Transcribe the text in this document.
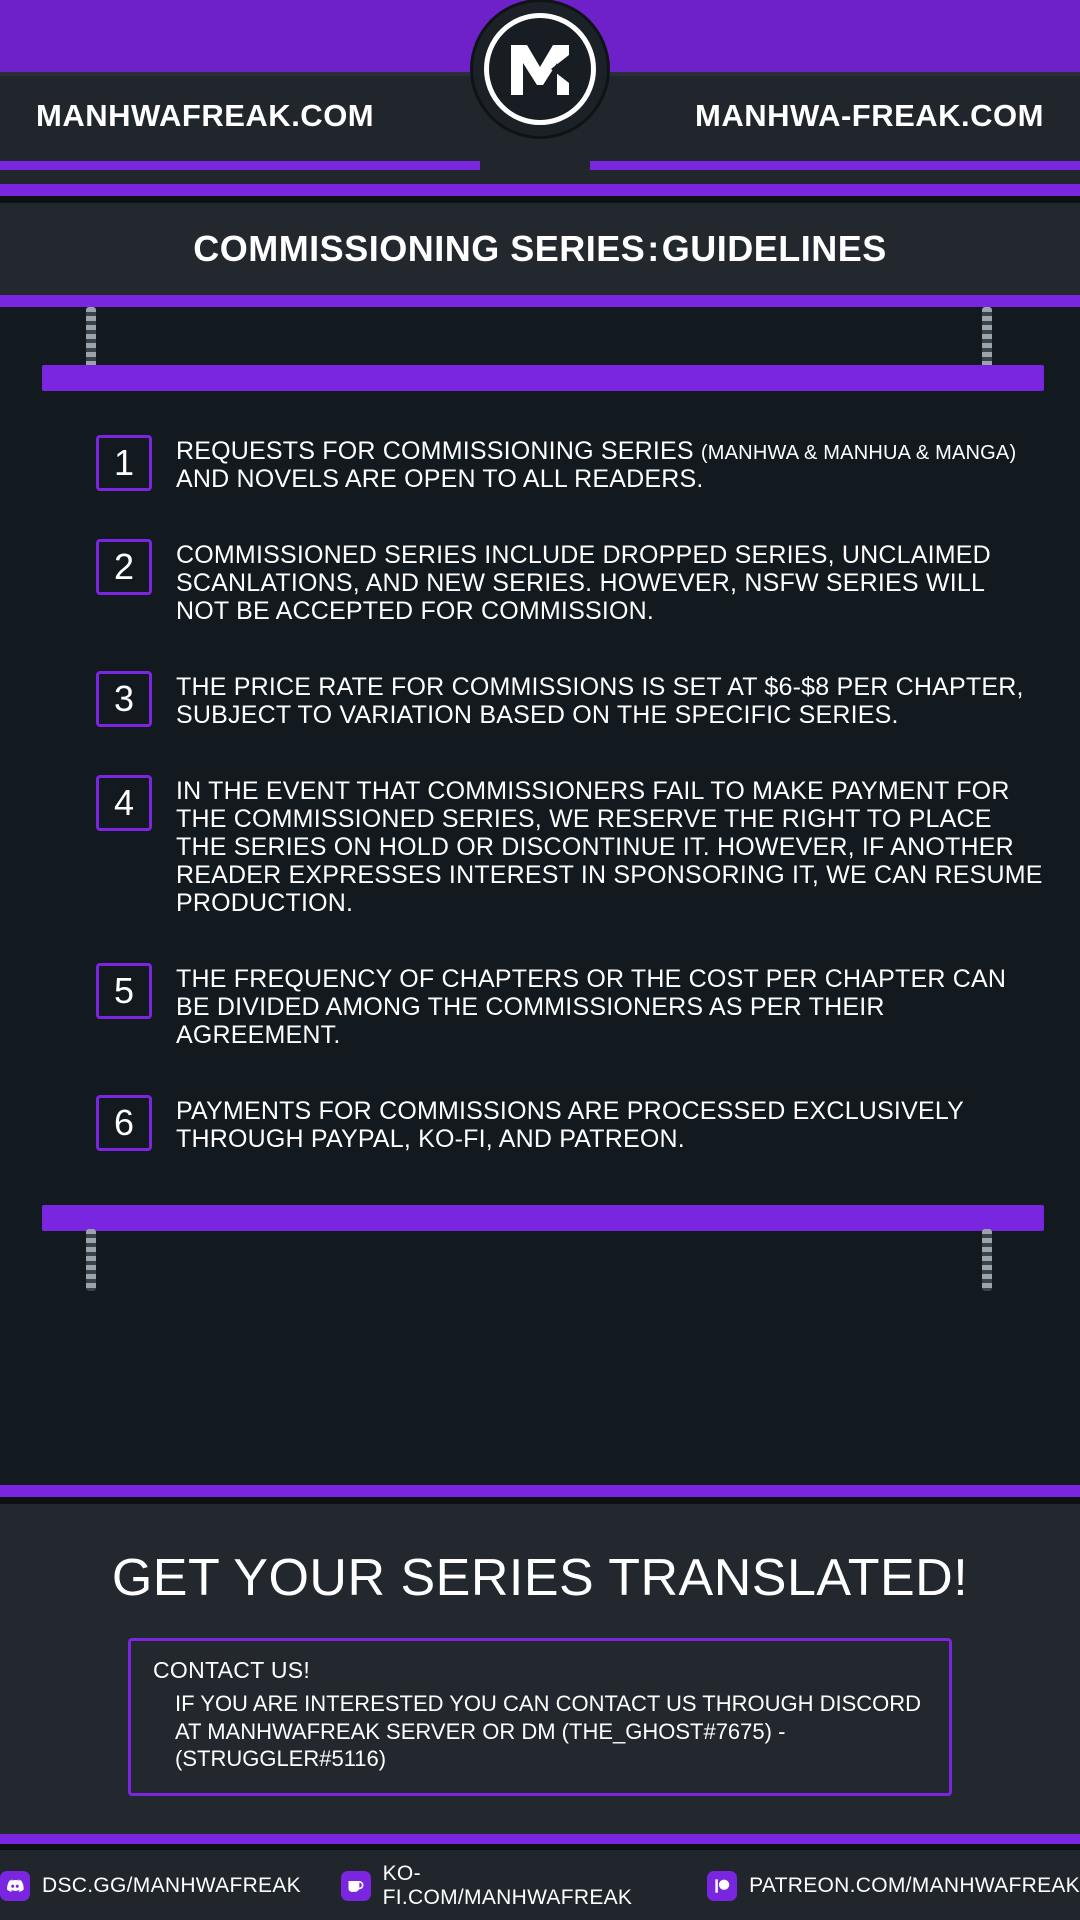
MANHWAFREAK.COM	MANHWA-FREAK.COM
COMMISSIONING SERIES:GUIDELINES
1	REQUESTS FOR COMMISSIONING SERIES (MANHWA & MANHUA & MANGA) AND NOVELS ARE OPEN TO ALL READERS.
2	COMMISSIONED SERIES INCLUDE DROPPED SERIES, UNCLAIMED SCANLATIONS, AND NEW SERIES. HOWEVER, NSFW SERIES WILL NOT BE ACCEPTED FOR COMMISSION.
3	THE PRICE RATE FOR COMMISSIONS IS SET AT $6-$8 PER CHAPTER, SUBJECT TO VARIATION BASED ON THE SPECIFIC SERIES.
4	IN THE EVENT THAT COMMISSIONERS FAIL TO MAKE PAYMENT FOR THE COMMISSIONED SERIES, WE RESERVE THE RIGHT TO PLACE THE SERIES ON HOLD OR DISCONTINUE IT. HOWEVER, IF ANOTHER READER EXPRESSES INTEREST IN SPONSORING IT, WE CAN RESUME PRODUCTION.
5	THE FREQUENCY OF CHAPTERS OR THE COST PER CHAPTER CAN BE DIVIDED AMONG THE COMMISSIONERS AS PER THEIR AGREEMENT.
6	PAYMENTS FOR COMMISSIONS ARE PROCESSED EXCLUSIVELY THROUGH PAYPAL, KO-FI, AND PATREON.
GET YOUR SERIES TRANSLATED!
CONTACT US!
IF YOU ARE INTERESTED YOU CAN CONTACT US THROUGH DISCORD
AT MANHWAFREAK SERVER OR DM (THE_GHOST#7675) - (STRUGGLER#5116)
DSC.GG/MANHWAFREAK
KO-FI.COM/MANHWAFREAK
PATREON.COM/MANHWAFREAK
